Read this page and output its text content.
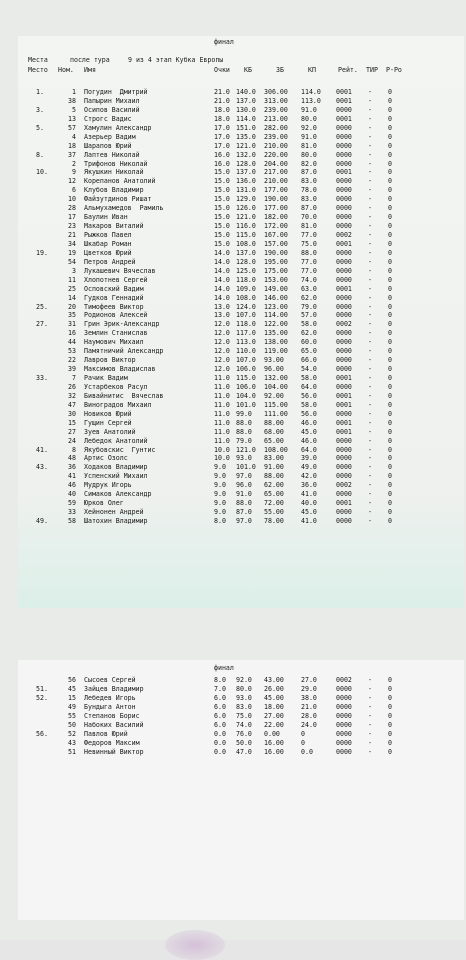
финал
Места	после тура	9 из 4 этап Кубка Европы
Место Ном. Имя	Очки КБ	ЗБ	КП	Рейт. ТИР Р-Ро
1.	1 Погудин  Дмитрий	21.0 140.0 306.00 114.0 0001 - 0
38 Папырин Михаил	21.0 137.0 313.00 113.0 0001 - 0
3.	5 Осипов Василий	18.0 130.0 239.00 91.0	0000 - 0
13 Строгс Вадис	18.0 114.0 213.00 80.0	0001 - 0
5.	57 Хамулин Александр	17.0 151.0 282.00 92.0	0000 - 0
4 Азерьер Вадим	17.0 135.0 239.00 91.0	0000 - 0
18 Шарапов Юрий	17.0 121.0 210.00 81.0	0000 - 0
8.	37 Лаптев Николай	16.0 132.0 220.00 80.0	0000 - 0
2 Трифонов Николай	16.0 128.0 204.00 82.0	0000 - 0
10.	9 Якушкин Николай	15.0 137.0 217.00 87.0	0001 - 0
12 Корепанов Анатолий	15.0 136.0 210.00 83.0	0000 - 0
6 Клубов Владимир	15.0 131.0 177.00 78.0	0000 - 0
10 Файзутдинов Ришат	15.0 129.0 190.00 83.0	0000 - 0
28 Альмухамедов  Рамиль	15.0 126.0 177.00 87.0	0000 - 0
17 Баулин Иван	15.0 121.0 182.00 70.0	0000 - 0
23 Макаров Виталий	15.0 116.0 172.00 81.0	0000 - 0
21 Рыжков Павел	15.0 115.0 167.00 77.0	0002 - 0
34 Шкабар Роман	15.0 108.0 157.00 75.0	0001 - 0
19.	19 Цветков Юрий	14.0 137.0 190.00 88.0	0000 - 0
54 Петров Андрей	14.0 128.0 195.00 77.0	0000 - 0
3 Лукашевич Вячеслав	14.0 125.0 175.00 77.0	0000 - 0
11 Хлопотнев Сергей	14.0 118.0 153.00 74.0	0000 - 0
25 Осповский Вадим	14.0 109.0 149.00 63.0	0001 - 0
14 Гудков Геннадий	14.0 108.0 146.00 62.0	0000 - 0
25.	20 Тимофеев Виктор	13.0 124.0 123.00 79.0	0000 - 0
35 Родионов Алексей	13.0 107.0 114.00 57.0	0000 - 0
27.	31 Грин Эрик-Александр	12.0 118.0 122.00 58.0	0002 - 0
16 Землин Станислав	12.0 117.0 135.00 62.0	0000 - 0
44 Наумович Михаил	12.0 113.0 138.00 60.0	0000 - 0
53 Памятничий Александр	12.0 110.0 119.00 65.0	0000 - 0
22 Лавров Виктор	12.0 107.0 93.00	66.0	0000 - 0
39 Максимов Владислав	12.0 106.0 96.00	54.0	0000 - 0
33.	7 Рачик Вадим	11.0 115.0 132.00 58.0	0001 - 0
26 Устарбеков Расул	11.0 106.0 104.00 64.0	0000 - 0
32 Бивайнитис  Вячеслав	11.0 104.0 92.00	56.0	0001 - 0
47 Виноградов Михаил	11.0 101.0 115.00 58.0	0001 - 0
30 Новиков Юрий	11.0 99.0 111.00 56.0	0000 - 0
15 Гущин Сергей	11.0 88.0 88.00	46.0	0001 - 0
27 Зуев Анатолий	11.0 88.0 68.00	45.0	0001 - 0
24 Лебедок Анатолий	11.0 79.0 65.00	46.0	0000 - 0
41.	8 Якубовскис  Гунтис	10.0 121.0 108.00 64.0	0000 - 0
48 Артис Озолс	10.0 93.0 83.00	39.0	0000 - 0
43.	36 Ходаков Владимир	9.0 101.0 91.00	49.0	0000 - 0
41 Успенский Михаил	9.0 97.0 88.00	42.0	0000 - 0
46 Мудрук Игорь	9.0 96.0 62.00	36.0	0002 - 0
40 Симаков Александр	9.0 91.0 65.00	41.0	0000 - 0
59 Юрков Олег	9.0 88.0 72.00	40.0	0001 - 0
33 Хейнонен Андрей	9.0 87.0 55.00	45.0	0000 - 0
49.	58 Шатохин Владимир	8.0 97.0 78.00	41.0	0000 - 0
финал
56 Сысоев Сергей	8.0 92.0 43.00	27.0	0002 - 0
51.	45 Зайцев Владимир	7.0 80.0 26.00	29.0	0000 - 0
52.	15 Лебедев Игорь	6.0 93.0 45.00	38.0	0000 - 0
49 Бундыга Антон	6.0 83.0 18.00	21.0	0000 - 0
55 Степанов Борис	6.0 75.0 27.00	28.0	0000 - 0
50 Набоких Василий	6.0 74.0 22.00	24.0	0000 - 0
56.	52 Павлов Юрий	0.0 76.0 0.00	0	0000 - 0
43 Федоров Максим	0.0 50.0 16.00	0	0000 - 0
51 Невинный Виктор	0.0 47.0 16.00	0.0	0000 - 0
